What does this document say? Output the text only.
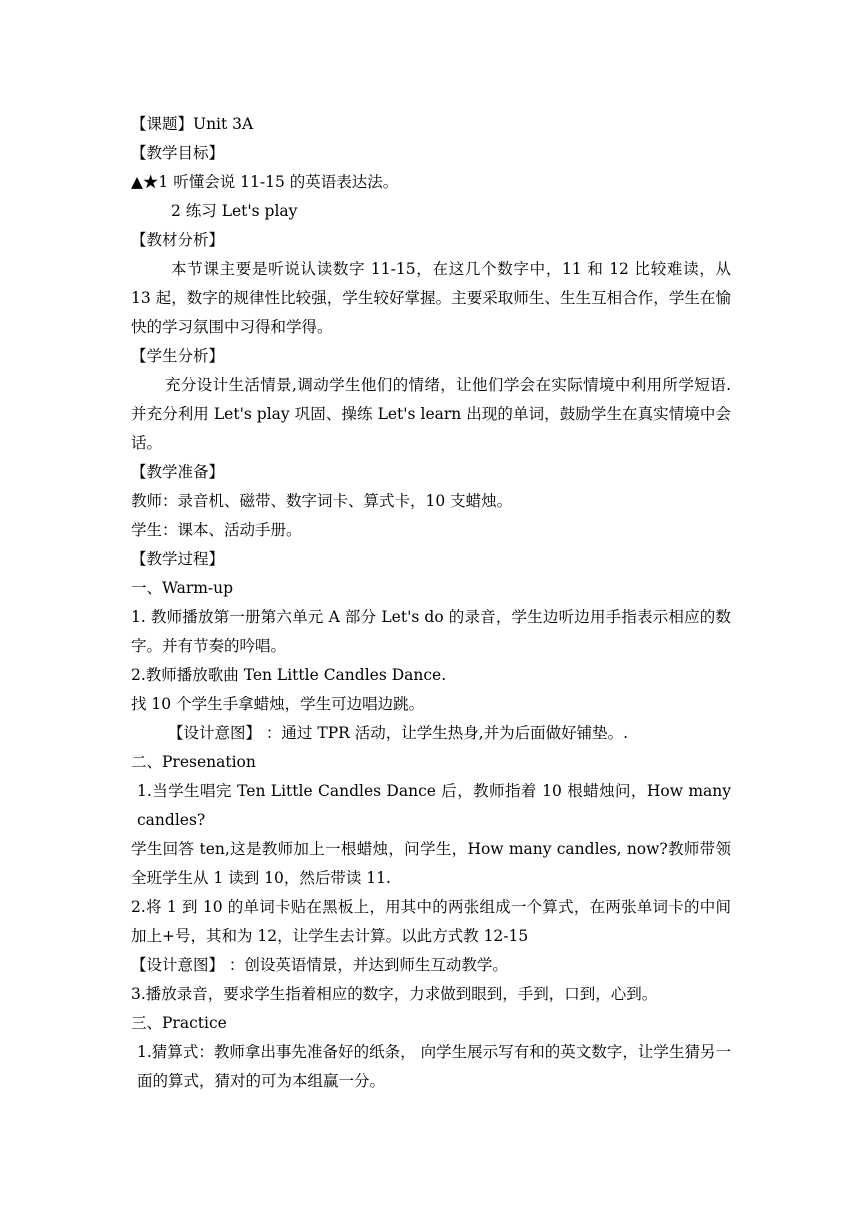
【课题】Unit 3A
【教学目标】
▲★1 听懂会说 11-15 的英语表达法。
2 练习 Let's play
【教材分析】
本节课主要是听说认读数字 11-15，在这几个数字中，11 和 12 比较难读，从 13 起，数字的规律性比较强，学生较好掌握。主要采取师生、生生互相合作，学生在愉快的学习氛围中习得和学得。
【学生分析】
充分设计生活情景,调动学生他们的情绪，让他们学会在实际情境中利用所学短语.并充分利用 Let's play 巩固、操练 Let's learn 出现的单词，鼓励学生在真实情境中会话。
【教学准备】
教师：录音机、磁带、数字词卡、算式卡，10 支蜡烛。
学生：课本、活动手册。
【教学过程】
一、Warm-up
1. 教师播放第一册第六单元 A 部分 Let's do 的录音，学生边听边用手指表示相应的数字。并有节奏的吟唱。
2.教师播放歌曲 Ten Little Candles Dance.
找 10 个学生手拿蜡烛，学生可边唱边跳。
【设计意图】 ：通过 TPR 活动，让学生热身,并为后面做好铺垫。.
二、Presenation
1.当学生唱完 Ten Little Candles Dance 后，教师指着 10 根蜡烛问，How many candles?
学生回答 ten,这是教师加上一根蜡烛，问学生，How many candles, now?教师带领全班学生从 1 读到 10，然后带读 11.
2.将 1 到 10 的单词卡贴在黑板上，用其中的两张组成一个算式，在两张单词卡的中间加上+号，其和为 12，让学生去计算。以此方式教 12-15
【设计意图】 ：创设英语情景，并达到师生互动教学。
3.播放录音，要求学生指着相应的数字，力求做到眼到，手到，口到，心到。
三、Practice
1.猜算式：教师拿出事先准备好的纸条， 向学生展示写有和的英文数字，让学生猜另一面的算式，猜对的可为本组赢一分。
